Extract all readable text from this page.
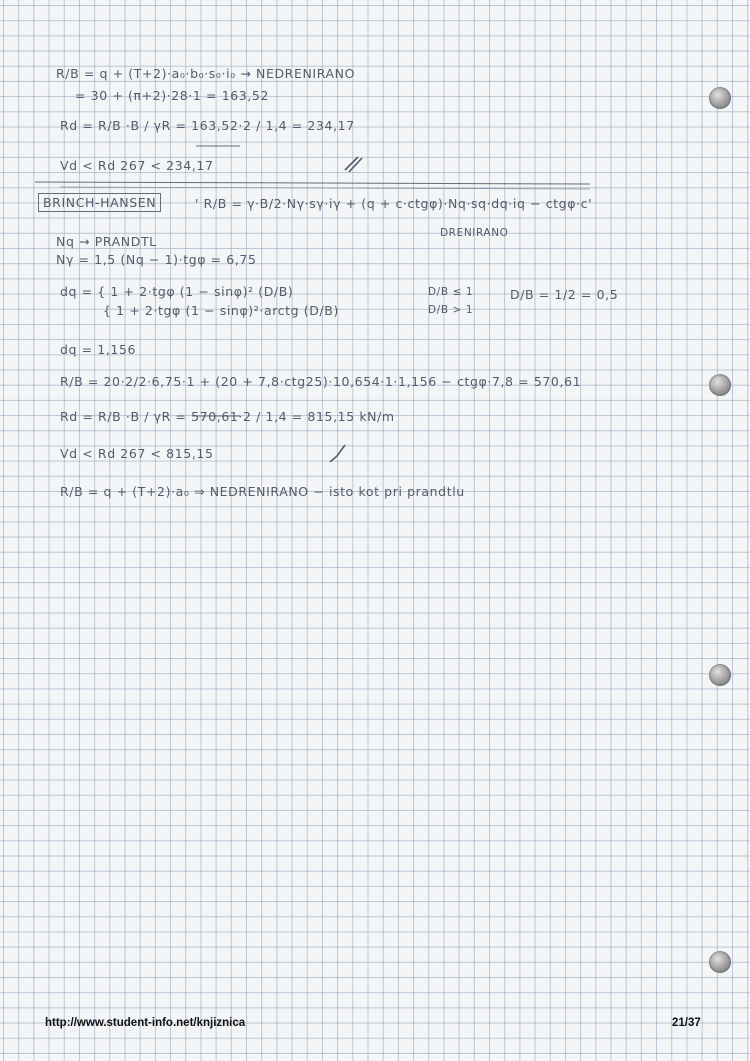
R/B = q + (T+2)·a₀·b₀·s₀·i₀ → NEDRENIRANO
= 30 + (π+2)·28·1 = 163,52
Rd = R/B ·B / γR = 163,52·2 / 1,4 = 234,17
Vd < Rd 267 < 234,17
BRINCH-HANSEN	' R/B = γ·B/2·Nγ·sγ·iγ + (q + c·ctgφ)·Nq·sq·dq·iq − ctgφ·c'
DRENIRANO
Nq → PRANDTL
Nγ = 1,5 (Nq − 1)·tgφ = 6,75
dq = { 1 + 2·tgφ (1 − sinφ)² (D/B)
{ 1 + 2·tgφ (1 − sinφ)²·arctg (D/B)
D/B ≤ 1
D/B > 1
D/B = 1/2 = 0,5
dq = 1,156
R/B = 20·2/2·6,75·1 + (20 + 7,8·ctg25)·10,654·1·1,156 − ctgφ·7,8 = 570,61
Rd = R/B ·B / γR = 570,61·2 / 1,4 = 815,15 kN/m
Vd < Rd 267 < 815,15
R/B = q + (T+2)·a₀ ⇒ NEDRENIRANO − isto kot pri prandtlu
http://www.student-info.net/knjiznica	21/37
